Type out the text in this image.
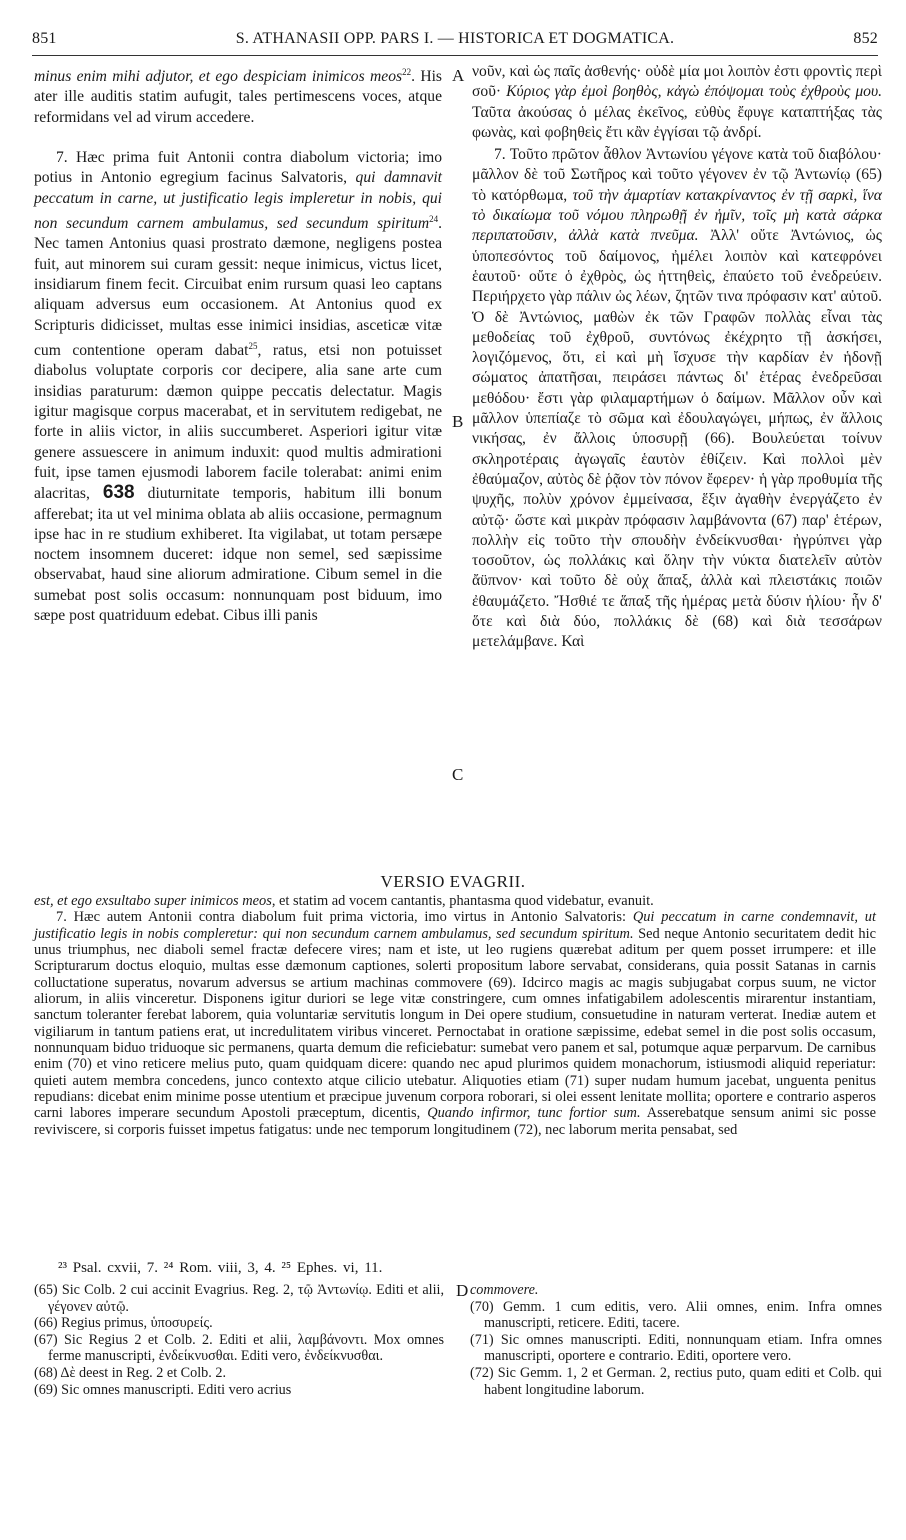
851	S. ATHANASII OPP. PARS I. — HISTORICA ET DOGMATICA.	852
A
B
C
D

minus enim mihi adjutor, et ego despiciam inimicos meos$^{22}$. His ater ille auditis statim aufugit, tales pertimescens voces, atque reformidans vel ad virum accedere.

7. Hæc prima fuit Antonii contra diabolum victoria; imo potius in Antonio egregium facinus Salvatoris, qui damnavit peccatum in carne, ut justificatio legis impleretur in nobis, qui non secundum carnem ambulamus, sed secundum spiritum$^{24}$. Nec tamen Antonius quasi prostrato dæmone, negligens postea fuit, aut minorem sui curam gessit: neque inimicus, victus licet, insidiarum finem fecit. Circuibat enim rursum quasi leo captans aliquam adversus eum occasionem. At Antonius quod ex Scripturis didicisset, multas esse inimici insidias, asceticæ vitæ cum contentione operam dabat$^{25}$, ratus, etsi non potuisset diabolus voluptate corporis cor decipere, alia sane arte cum insidias paraturum: dæmon quippe peccatis delectatur. Magis igitur magisque corpus macerabat, et in servitutem redigebat, ne forte in aliis victor, in aliis succumberet. Asperiori igitur vitæ genere assuescere in animum induxit: quod multis admirationi fuit, ipse tamen ejusmodi laborem facile tolerabat: animi enim alacritas, 638 diuturnitate temporis, habitum illi bonum afferebat; ita ut vel minima oblata ab aliis occasione, permagnum ipse hac in re studium exhiberet. Ita vigilabat, ut totam persæpe noctem insomnem duceret: idque non semel, sed sæpissime observabat, haud sine aliorum admiratione. Cibum semel in die sumebat post solis occasum: nonnunquam post biduum, imo sæpe post quatriduum edebat. Cibus illi panis

νοῦν, καὶ ὡς παῖς ἀσθενής· οὐδὲ μία μοι λοιπὸν ἐστι φροντὶς περὶ σοῦ· Κύριος γὰρ ἐμοὶ βοηθὸς, κἀγὼ ἐπόψομαι τοὺς ἐχθροὺς μου. Ταῦτα ἀκούσας ὁ μέλας ἐκεῖνος, εὐθὺς ἔφυγε καταπτήξας τὰς φωνὰς, καὶ φοβηθεὶς ἔτι κἂν ἐγγίσαι τῷ ἀνδρί.

7. Τοῦτο πρῶτον ἆθλον Ἀντωνίου γέγονε κατὰ τοῦ διαβόλου· μᾶλλον δὲ τοῦ Σωτῆρος καὶ τοῦτο γέγονεν ἐν τῷ Ἀντωνίῳ (65) τὸ κατόρθωμα, τοῦ τὴν ἁμαρτίαν κατακρίναντος ἐν τῇ σαρκὶ, ἵνα τὸ δικαίωμα τοῦ νόμου πληρωθῇ ἐν ἡμῖν, τοῖς μὴ κατὰ σάρκα περιπατοῦσιν, ἀλλὰ κατὰ πνεῦμα. Ἀλλ' οὔτε Ἀντώνιος, ὡς ὑποπεσόντος τοῦ δαίμονος, ἠμέλει λοιπὸν καὶ κατεφρόνει ἑαυτοῦ· οὔτε ὁ ἐχθρὸς, ὡς ἡττηθεὶς, ἐπαύετο τοῦ ἐνεδρεύειν. Περιήρχετο γὰρ πάλιν ὡς λέων, ζητῶν τινα πρόφασιν κατ' αὐτοῦ. Ὁ δὲ Ἀντώνιος, μαθὼν ἐκ τῶν Γραφῶν πολλὰς εἶναι τὰς μεθοδείας τοῦ ἐχθροῦ, συντόνως ἐκέχρητο τῇ ἀσκήσει, λογιζόμενος, ὅτι, εἰ καὶ μὴ ἴσχυσε τὴν καρδίαν ἐν ἡδονῇ σώματος ἀπατῆσαι, πειράσει πάντως δι' ἑτέρας ἐνεδρεῦσαι μεθόδου· ἔστι γὰρ φιλαμαρτήμων ὁ δαίμων. Μᾶλλον οὖν καὶ μᾶλλον ὑπεπίαζε τὸ σῶμα καὶ ἐδουλαγώγει, μήπως, ἐν ἄλλοις νικήσας, ἐν ἄλλοις ὑποσυρῇ (66). Βουλεύεται τοίνυν σκληροτέραις ἀγωγαῖς ἑαυτὸν ἐθίζειν. Καὶ πολλοὶ μὲν ἐθαύμαζον, αὐτὸς δὲ ῥᾷον τὸν πόνον ἔφερεν· ἡ γὰρ προθυμία τῆς ψυχῆς, πολὺν χρόνον ἐμμείνασα, ἕξιν ἀγαθὴν ἐνεργάζετο ἐν αὐτῷ· ὥστε καὶ μικρὰν πρόφασιν λαμβάνοντα (67) παρ' ἑτέρων, πολλὴν εἰς τοῦτο τὴν σπουδὴν ἐνδείκνυσθαι· ἠγρύπνει γὰρ τοσοῦτον, ὡς πολλάκις καὶ ὅλην τὴν νύκτα διατελεῖν αὐτὸν ἄϋπνον· καὶ τοῦτο δὲ οὐχ ἅπαξ, ἀλλὰ καὶ πλειστάκις ποιῶν ἐθαυμάζετο. Ἤσθιέ τε ἅπαξ τῆς ἡμέρας μετὰ δύσιν ἡλίου· ἦν δ' ὅτε καὶ διὰ δύο, πολλάκις δὲ (68) καὶ διὰ τεσσάρων μετελάμβανε. Καὶ

VERSIO EVAGRII.

est, et ego exsultabo super inimicos meos, et statim ad vocem cantantis, phantasma quod videbatur, evanuit.

7. Hæc autem Antonii contra diabolum fuit prima victoria, imo virtus in Antonio Salvatoris: Qui peccatum in carne condemnavit, ut justificatio legis in nobis compleretur: qui non secundum carnem ambulamus, sed secundum spiritum. Sed neque Antonio securitatem dedit hic unus triumphus, nec diaboli semel fractæ defecere vires; nam et iste, ut leo rugiens quærebat aditum per quem posset irrumpere: et ille Scripturarum doctus eloquio, multas esse dæmonum captiones, solerti propositum labore servabat, considerans, quia possit Satanas in carnis colluctatione superatus, novarum adversus se artium machinas commovere (69). Idcirco magis ac magis subjugabat corpus suum, ne victor aliorum, in aliis vinceretur. Disponens igitur duriori se lege vitæ constringere, cum omnes infatigabilem adolescentis mirarentur instantiam, sanctum toleranter ferebat laborem, quia voluntariæ servitutis longum in Dei opere studium, consuetudine in naturam verterat. Inediæ autem et vigiliarum in tantum patiens erat, ut incredulitatem viribus vinceret. Pernoctabat in oratione sæpissime, edebat semel in die post solis occasum, nonnunquam biduo triduoque sic permanens, quarta demum die reficiebatur: sumebat vero panem et sal, potumque aquæ perparvum. De carnibus enim (70) et vino reticere melius puto, quam quidquam dicere: quando nec apud plurimos quidem monachorum, istiusmodi aliquid reperiatur: quieti autem membra concedens, junco contexto atque cilicio utebatur. Aliquoties etiam (71) super nudam humum jacebat, unguenta penitus repudians: dicebat enim minime posse utentium et præcipue juvenum corpora roborari, si olei essent lenitate mollita; oportere e contrario asperos carni labores imperare secundum Apostoli præceptum, dicentis, Quando infirmor, tunc fortior sum. Asserebatque sensum animi sic posse reviviscere, si corporis fuisset impetus fatigatus: unde nec temporum longitudinem (72), nec laborum merita pensabat, sed

²³ Psal. cxvii, 7. ²⁴ Rom. viii, 3, 4. ²⁵ Ephes. vi, 11.

(65) Sic Colb. 2 cui accinit Evagrius. Reg. 2, τῷ Ἀντωνίῳ. Editi et alii, γέγονεν αὐτῷ.

(66) Regius primus, ὑποσυρείς.

(67) Sic Regius 2 et Colb. 2. Editi et alii, λαμβάνοντι. Mox omnes ferme manuscripti, ἐνδείκνυσθαι. Editi vero, ἐνδείκνυσθαι.

(68) Δὲ deest in Reg. 2 et Colb. 2.

(69) Sic omnes manuscripti. Editi vero acrius

commovere.

(70) Gemm. 1 cum editis, vero. Alii omnes, enim. Infra omnes manuscripti, reticere. Editi, tacere.

(71) Sic omnes manuscripti. Editi, nonnunquam etiam. Infra omnes manuscripti, oportere e contrario. Editi, oportere vero.

(72) Sic Gemm. 1, 2 et German. 2, rectius puto, quam editi et Colb. qui habent longitudine laborum.
